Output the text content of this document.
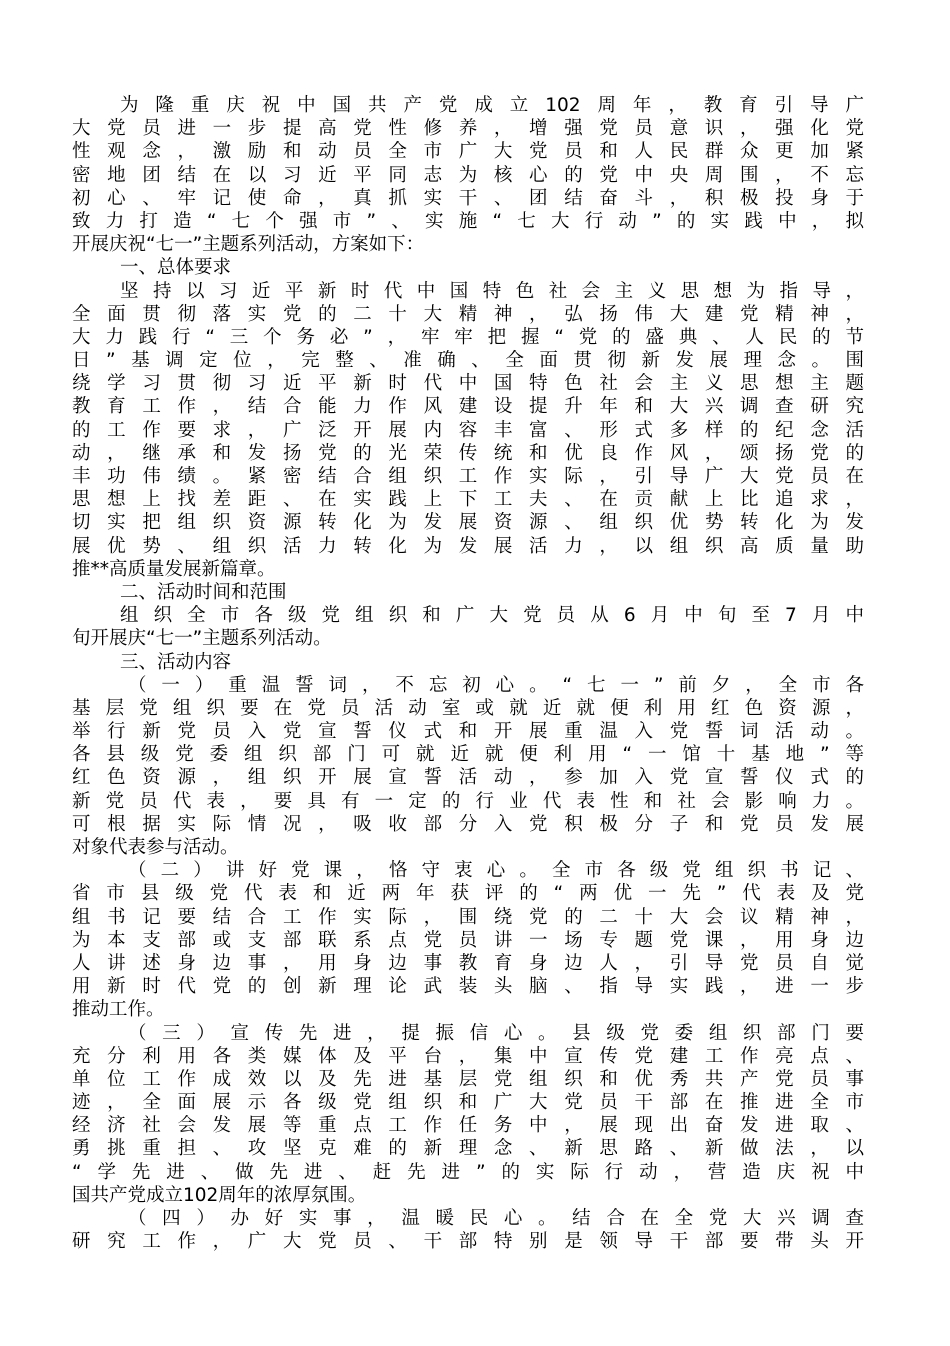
为隆重庆祝中国共产党成立102周年，教育引导广
大党员进一步提高党性修养，增强党员意识，强化党
性观念，激励和动员全市广大党员和人民群众更加紧
密地团结在以习近平同志为核心的党中央周围，不忘
初心、牢记使命，真抓实干、团结奋斗，积极投身于
致力打造“七个强市”、实施“七大行动”的实践中，拟
开展庆祝“七一”主题系列活动，方案如下：
一、总体要求
坚持以习近平新时代中国特色社会主义思想为指导，
全面贯彻落实党的二十大精神，弘扬伟大建党精神，
大力践行“三个务必”，牢牢把握“党的盛典、人民的节
日”基调定位，完整、准确、全面贯彻新发展理念。围
绕学习贯彻习近平新时代中国特色社会主义思想主题
教育工作，结合能力作风建设提升年和大兴调查研究
的工作要求，广泛开展内容丰富、形式多样的纪念活
动，继承和发扬党的光荣传统和优良作风，颂扬党的
丰功伟绩。紧密结合组织工作实际，引导广大党员在
思想上找差距、在实践上下工夫、在贡献上比追求，
切实把组织资源转化为发展资源、组织优势转化为发
展优势、组织活力转化为发展活力，以组织高质量助
推**高质量发展新篇章。
二、活动时间和范围
组织全市各级党组织和广大党员从6月中旬至7月中
旬开展庆“七一”主题系列活动。
三、活动内容
（一）重温誓词，不忘初心。“七一”前夕，全市各
基层党组织要在党员活动室或就近就便利用红色资源，
举行新党员入党宣誓仪式和开展重温入党誓词活动。
各县级党委组织部门可就近就便利用“一馆十基地”等
红色资源，组织开展宣誓活动，参加入党宣誓仪式的
新党员代表，要具有一定的行业代表性和社会影响力。
可根据实际情况，吸收部分入党积极分子和党员发展
对象代表参与活动。
（二）讲好党课，恪守衷心。全市各级党组织书记、
省市县级党代表和近两年获评的“两优一先”代表及党
组书记要结合工作实际，围绕党的二十大会议精神，
为本支部或支部联系点党员讲一场专题党课，用身边
人讲述身边事，用身边事教育身边人，引导党员自觉
用新时代党的创新理论武装头脑、指导实践，进一步
推动工作。
（三）宣传先进，提振信心。县级党委组织部门要
充分利用各类媒体及平台，集中宣传党建工作亮点、
单位工作成效以及先进基层党组织和优秀共产党员事
迹，全面展示各级党组织和广大党员干部在推进全市
经济社会发展等重点工作任务中，展现出奋发进取、
勇挑重担、攻坚克难的新理念、新思路、新做法，以
“学先进、做先进、赶先进”的实际行动，营造庆祝中
国共产党成立102周年的浓厚氛围。
（四）办好实事，温暖民心。结合在全党大兴调查
研究工作，广大党员、干部特别是领导干部要带头开
